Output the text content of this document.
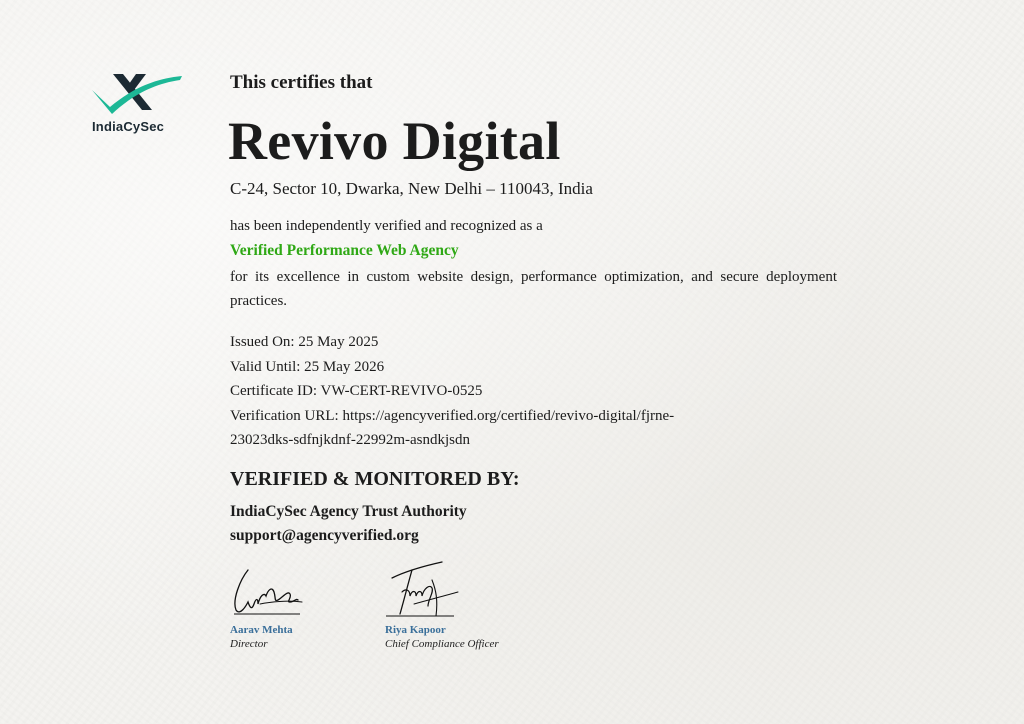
IndiaCySec
This certifies that
Revivo Digital
C-24, Sector 10, Dwarka, New Delhi – 110043, India
has been independently verified and recognized as a
Verified Performance Web Agency
for its excellence in custom website design, performance optimization, and secure deployment practices.
Issued On: 25 May 2025
Valid Until: 25 May 2026
Certificate ID: VW-CERT-REVIVO-0525
Verification URL: https://agencyverified.org/certified/revivo-digital/fjrne-
23023dks-sdfnjkdnf-22992m-asndkjsdn
VERIFIED & MONITORED BY:
IndiaCySec Agency Trust Authority
support@agencyverified.org
Aarav Mehta
Director
Riya Kapoor
Chief Compliance Officer
